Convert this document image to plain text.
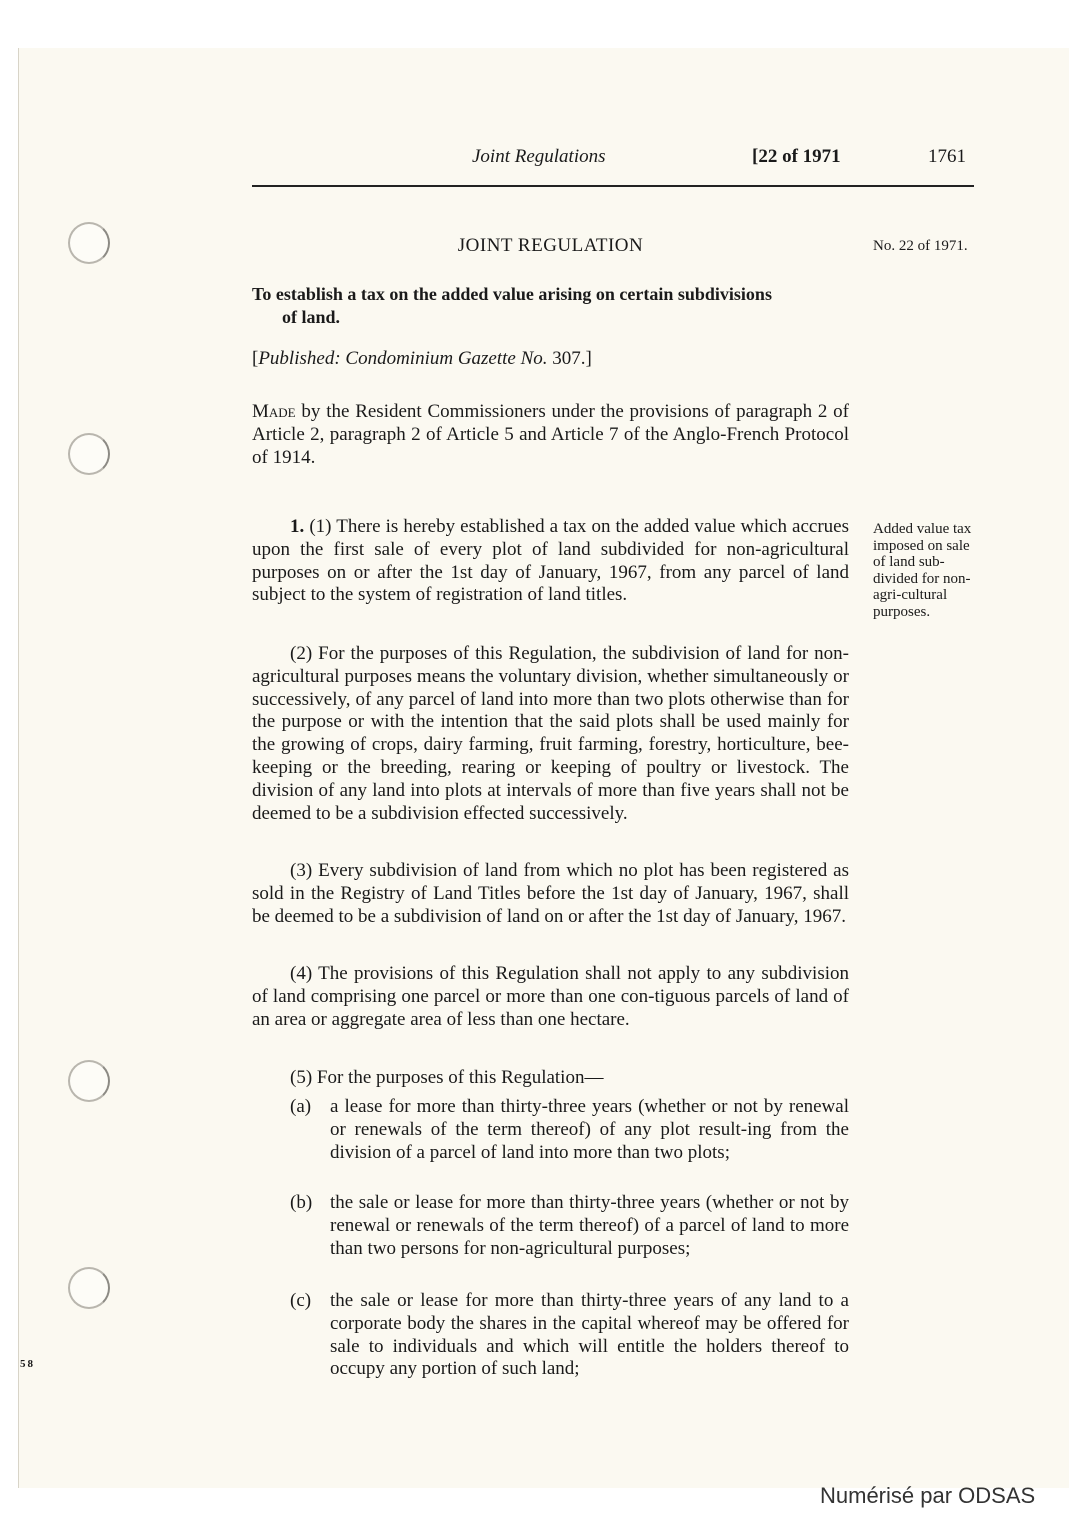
Joint Regulations	[22 of 1971	1761
JOINT REGULATION	No. 22 of 1971.
To establish a tax on the added value arising on certain subdivisions
of land.
[Published: Condominium Gazette No. 307.]

Made by the Resident Commissioners under the provisions of paragraph 2 of Article 2, paragraph 2 of Article 5 and Article 7 of the Anglo-French Protocol of 1914.

1. (1) There is hereby established a tax on the added value which accrues upon the first sale of every plot of land subdivided for non-agricultural purposes on or after the 1st day of January, 1967, from any parcel of land subject to the system of registration of land titles.

Added value tax imposed on sale of land sub-divided for non-agri-cultural purposes.

(2) For the purposes of this Regulation, the subdivision of land for non-agricultural purposes means the voluntary division, whether simultaneously or successively, of any parcel of land into more than two plots otherwise than for the purpose or with the intention that the said plots shall be used mainly for the growing of crops, dairy farming, fruit farming, forestry, horticulture, bee-keeping or the breeding, rearing or keeping of poultry or livestock. The division of any land into plots at intervals of more than five years shall not be deemed to be a subdivision effected successively.

(3) Every subdivision of land from which no plot has been registered as sold in the Registry of Land Titles before the 1st day of January, 1967, shall be deemed to be a subdivision of land on or after the 1st day of January, 1967.

(4) The provisions of this Regulation shall not apply to any subdivision of land comprising one parcel or more than one con-tiguous parcels of land of an area or aggregate area of less than one hectare.

(5) For the purposes of this Regulation—

(a) a lease for more than thirty-three years (whether or not by renewal or renewals of the term thereof) of any plot result-ing from the division of a parcel of land into more than two plots;
(b) the sale or lease for more than thirty-three years (whether or not by renewal or renewals of the term thereof) of a parcel of land to more than two persons for non-agricultural purposes;
(c) the sale or lease for more than thirty-three years of any land to a corporate body the shares in the capital whereof may be offered for sale to individuals and which will entitle the holders thereof to occupy any portion of such land;
58
Numérisé par ODSAS
